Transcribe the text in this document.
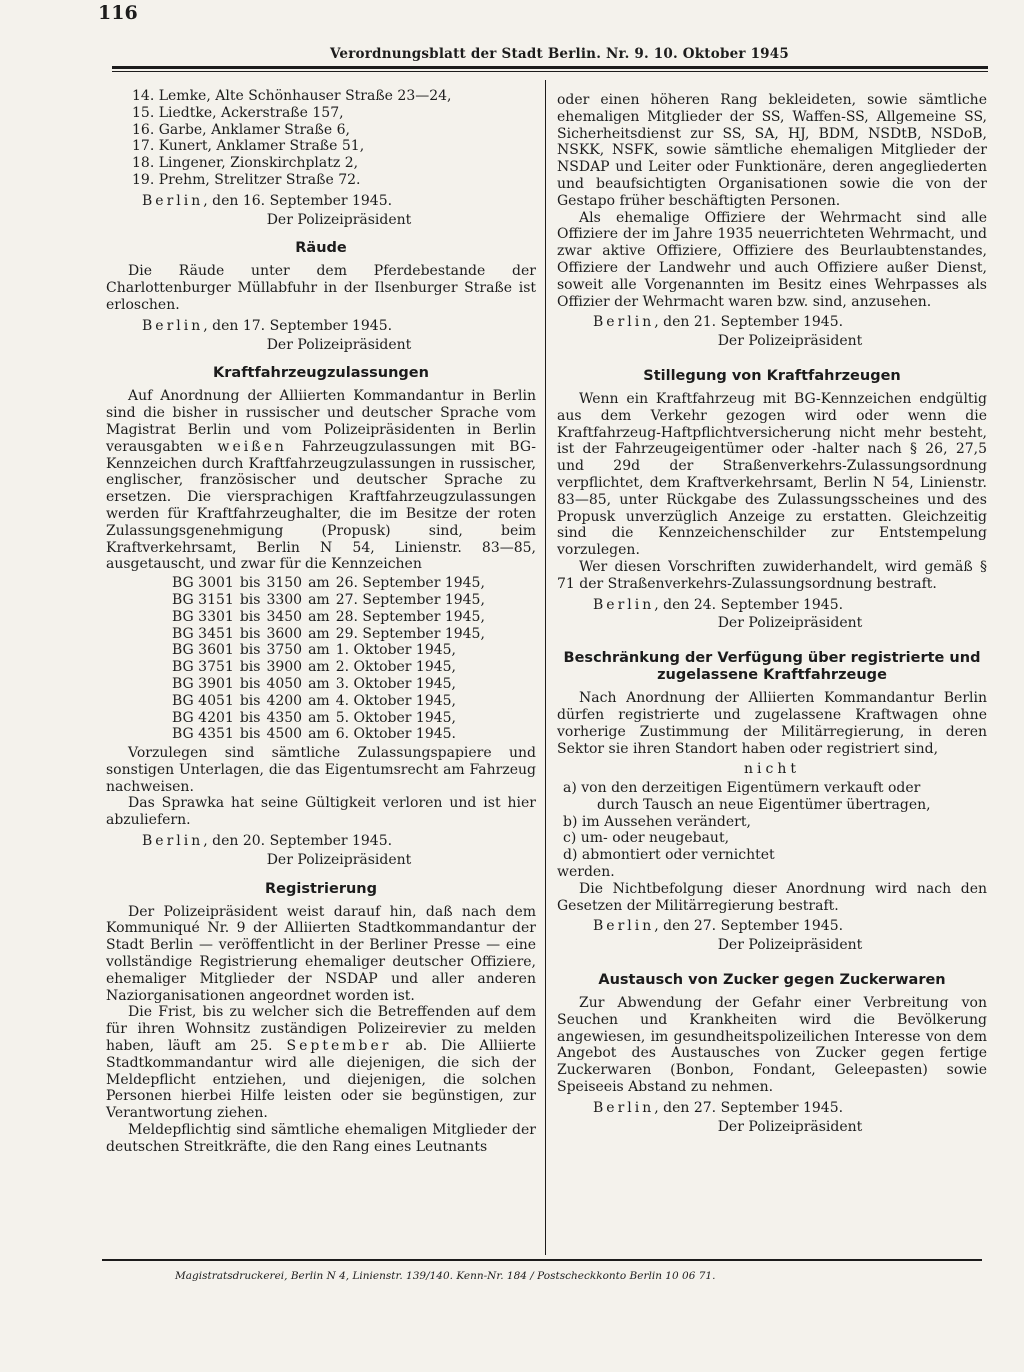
116
Verordnungsblatt der Stadt Berlin. Nr. 9. 10. Oktober 1945

14. Lemke, Alte Schönhauser Straße 23—24,

15. Liedtke, Ackerstraße 157,

16. Garbe, Anklamer Straße 6,

17. Kunert, Anklamer Straße 51,

18. Lingener, Zionskirchplatz 2,

19. Prehm, Strelitzer Straße 72.

Berlin, den 16. September 1945.

Der Polizeipräsident

Räude

Die Räude unter dem Pferdebestande der Charlottenburger Müllabfuhr in der Ilsenburger Straße ist erloschen.

Berlin, den 17. September 1945.

Der Polizeipräsident

Kraftfahrzeugzulassungen

Auf Anordnung der Alliierten Kommandantur in Berlin sind die bisher in russischer und deutscher Sprache vom Magistrat Berlin und vom Polizeipräsidenten in Berlin verausgabten weißen Fahrzeugzulassungen mit BG-Kennzeichen durch Kraftfahrzeugzulassungen in russischer, englischer, französischer und deutscher Sprache zu ersetzen. Die viersprachigen Kraftfahrzeugzulassungen werden für Kraftfahrzeughalter, die im Besitze der roten Zulassungsgenehmigung (Propusk) sind, beim Kraftverkehrsamt, Berlin N 54, Linienstr. 83—85, ausgetauscht, und zwar für die Kennzeichen

BG 3001	bis	3150	am	26. September 1945,
BG 3151	bis	3300	am	27. September 1945,
BG 3301	bis	3450	am	28. September 1945,
BG 3451	bis	3600	am	29. September 1945,
BG 3601	bis	3750	am	1. Oktober 1945,
BG 3751	bis	3900	am	2. Oktober 1945,
BG 3901	bis	4050	am	3. Oktober 1945,
BG 4051	bis	4200	am	4. Oktober 1945,
BG 4201	bis	4350	am	5. Oktober 1945,
BG 4351	bis	4500	am	6. Oktober 1945.

Vorzulegen sind sämtliche Zulassungspapiere und sonstigen Unterlagen, die das Eigentumsrecht am Fahrzeug nachweisen.

Das Sprawka hat seine Gültigkeit verloren und ist hier abzuliefern.

Berlin, den 20. September 1945.

Der Polizeipräsident

Registrierung

Der Polizeipräsident weist darauf hin, daß nach dem Kommuniqué Nr. 9 der Alliierten Stadtkommandantur der Stadt Berlin — veröffentlicht in der Berliner Presse — eine vollständige Registrierung ehemaliger deutscher Offiziere, ehemaliger Mitglieder der NSDAP und aller anderen Naziorganisationen angeordnet worden ist.

Die Frist, bis zu welcher sich die Betreffenden auf dem für ihren Wohnsitz zuständigen Polizeirevier zu melden haben, läuft am 25. September ab. Die Alliierte Stadtkommandantur wird alle diejenigen, die sich der Meldepflicht entziehen, und diejenigen, die solchen Personen hierbei Hilfe leisten oder sie begünstigen, zur Verantwortung ziehen.

Meldepflichtig sind sämtliche ehemaligen Mitglieder der deutschen Streitkräfte, die den Rang eines Leutnants

oder einen höheren Rang bekleideten, sowie sämtliche ehemaligen Mitglieder der SS, Waffen-SS, Allgemeine SS, Sicherheitsdienst zur SS, SA, HJ, BDM, NSDtB, NSDoB, NSKK, NSFK, sowie sämtliche ehemaligen Mitglieder der NSDAP und Leiter oder Funktionäre, deren angegliederten und beaufsichtigten Organisationen sowie die von der Gestapo früher beschäftigten Personen.

Als ehemalige Offiziere der Wehrmacht sind alle Offiziere der im Jahre 1935 neuerrichteten Wehrmacht, und zwar aktive Offiziere, Offiziere des Beurlaubtenstandes, Offiziere der Landwehr und auch Offiziere außer Dienst, soweit alle Vorgenannten im Besitz eines Wehrpasses als Offizier der Wehrmacht waren bzw. sind, anzusehen.

Berlin, den 21. September 1945.

Der Polizeipräsident

Stillegung von Kraftfahrzeugen

Wenn ein Kraftfahrzeug mit BG-Kennzeichen endgültig aus dem Verkehr gezogen wird oder wenn die Kraftfahrzeug-Haftpflichtversicherung nicht mehr besteht, ist der Fahrzeugeigentümer oder -halter nach § 26, 27,5 und 29d der Straßenverkehrs-Zulassungsordnung verpflichtet, dem Kraftverkehrsamt, Berlin N 54, Linienstr. 83—85, unter Rückgabe des Zulassungsscheines und des Propusk unverzüglich Anzeige zu erstatten. Gleichzeitig sind die Kennzeichenschilder zur Entstempelung vorzulegen.

Wer diesen Vorschriften zuwiderhandelt, wird gemäß § 71 der Straßenverkehrs-Zulassungsordnung bestraft.

Berlin, den 24. September 1945.

Der Polizeipräsident

Beschränkung der Verfügung über registrierte und zugelassene Kraftfahrzeuge

Nach Anordnung der Alliierten Kommandantur Berlin dürfen registrierte und zugelassene Kraftwagen ohne vorherige Zustimmung der Militärregierung, in deren Sektor sie ihren Standort haben oder registriert sind,

nicht

a) von den derzeitigen Eigentümern verkauft oder

durch Tausch an neue Eigentümer übertragen,

b) im Aussehen verändert,

c) um- oder neugebaut,

d) abmontiert oder vernichtet

werden.

Die Nichtbefolgung dieser Anordnung wird nach den Gesetzen der Militärregierung bestraft.

Berlin, den 27. September 1945.

Der Polizeipräsident

Austausch von Zucker gegen Zuckerwaren

Zur Abwendung der Gefahr einer Verbreitung von Seuchen und Krankheiten wird die Bevölkerung angewiesen, im gesundheitspolizeilichen Interesse von dem Angebot des Austausches von Zucker gegen fertige Zuckerwaren (Bonbon, Fondant, Geleepasten) sowie Speiseeis Abstand zu nehmen.

Berlin, den 27. September 1945.

Der Polizeipräsident

Magistratsdruckerei, Berlin N 4, Linienstr. 139/140. Kenn-Nr. 184 / Postscheckkonto Berlin 10 06 71.
